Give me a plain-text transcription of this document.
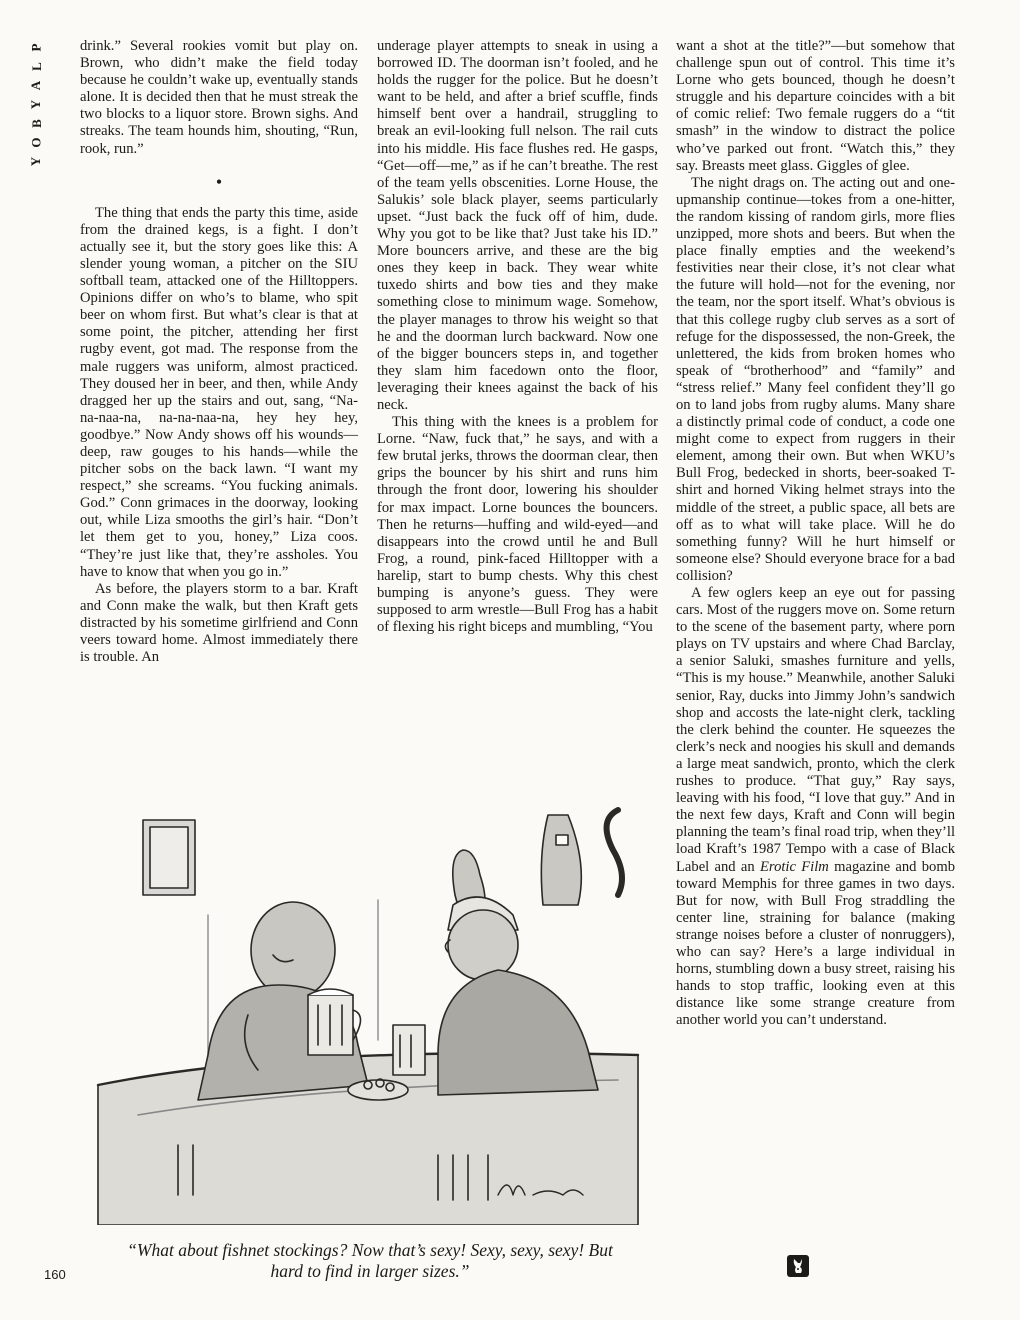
P
L
A
Y
B
O
Y

drink.” Several rookies vomit but play on. Brown, who didn’t make the field today because he couldn’t wake up, eventually stands alone. It is decided then that he must streak the two blocks to a liquor store. Brown sighs. And streaks. The team hounds him, shouting, “Run, rook, run.”

•

The thing that ends the party this time, aside from the drained kegs, is a fight. I don’t actually see it, but the story goes like this: A slender young woman, a pitcher on the SIU softball team, attacked one of the Hilltoppers. Opinions differ on who’s to blame, who spit beer on whom first. But what’s clear is that at some point, the pitcher, attending her first rugby event, got mad. The response from the male ruggers was uniform, almost practiced. They doused her in beer, and then, while Andy dragged her up the stairs and out, sang, “Na-na-naa-na, na-na-naa-na, hey hey hey, goodbye.” Now Andy shows off his wounds—deep, raw gouges to his hands—while the pitcher sobs on the back lawn. “I want my respect,” she screams. “You fucking animals. God.” Conn grimaces in the doorway, looking out, while Liza smooths the girl’s hair. “Don’t let them get to you, honey,” Liza coos. “They’re just like that, they’re assholes. You have to know that when you go in.”

As before, the players storm to a bar. Kraft and Conn make the walk, but then Kraft gets distracted by his sometime girlfriend and Conn veers toward home. Almost immediately there is trouble. An

underage player attempts to sneak in using a borrowed ID. The doorman isn’t fooled, and he holds the rugger for the police. But he doesn’t want to be held, and after a brief scuffle, finds himself bent over a handrail, struggling to break an evil-looking full nelson. The rail cuts into his middle. His face flushes red. He gasps, “Get—off—me,” as if he can’t breathe. The rest of the team yells obscenities. Lorne House, the Salukis’ sole black player, seems particularly upset. “Just back the fuck off of him, dude. Why you got to be like that? Just take his ID.” More bouncers arrive, and these are the big ones they keep in back. They wear white tuxedo shirts and bow ties and they make something close to minimum wage. Somehow, the player manages to throw his weight so that he and the doorman lurch backward. Now one of the bigger bouncers steps in, and together they slam him facedown onto the floor, leveraging their knees against the back of his neck.

This thing with the knees is a problem for Lorne. “Naw, fuck that,” he says, and with a few brutal jerks, throws the doorman clear, then grips the bouncer by his shirt and runs him through the front door, lowering his shoulder for max impact. Lorne bounces the bouncers. Then he returns—huffing and wild-eyed—and disappears into the crowd until he and Bull Frog, a round, pink-faced Hilltopper with a harelip, start to bump chests. Why this chest bumping is anyone’s guess. They were supposed to arm wrestle—Bull Frog has a habit of flexing his right biceps and mumbling, “You

want a shot at the title?”—but somehow that challenge spun out of control. This time it’s Lorne who gets bounced, though he doesn’t struggle and his departure coincides with a bit of comic relief: Two female ruggers do a “tit smash” in the window to distract the police who’ve parked out front. “Watch this,” they say. Breasts meet glass. Giggles of glee.

The night drags on. The acting out and one-upmanship continue—tokes from a one-hitter, the random kissing of random girls, more flies unzipped, more shots and beers. But when the place finally empties and the weekend’s festivities near their close, it’s not clear what the future will hold—not for the evening, nor the team, nor the sport itself. What’s obvious is that this college rugby club serves as a sort of refuge for the dispossessed, the non-Greek, the unlettered, the kids from broken homes who speak of “brotherhood” and “family” and “stress relief.” Many feel confident they’ll go on to land jobs from rugby alums. Many share a distinctly primal code of conduct, a code one might come to expect from ruggers in their element, among their own. But when WKU’s Bull Frog, bedecked in shorts, beer-soaked T-shirt and horned Viking helmet strays into the middle of the street, a public space, all bets are off as to what will take place. Will he do something funny? Will he hurt himself or someone else? Should everyone brace for a bad collision?

A few oglers keep an eye out for passing cars. Most of the ruggers move on. Some return to the scene of the basement party, where porn plays on TV upstairs and where Chad Barclay, a senior Saluki, smashes furniture and yells, “This is my house.” Meanwhile, another Saluki senior, Ray, ducks into Jimmy John’s sandwich shop and accosts the late-night clerk, tackling the clerk behind the counter. He squeezes the clerk’s neck and noogies his skull and demands a large meat sandwich, pronto, which the clerk rushes to produce. “That guy,” Ray says, leaving with his food, “I love that guy.” And in the next few days, Kraft and Conn will begin planning the team’s final road trip, when they’ll load Kraft’s 1987 Tempo with a case of Black Label and an Erotic Film magazine and bomb toward Memphis for three games in two days. But for now, with Bull Frog straddling the center line, straining for balance (making strange noises before a cluster of nonruggers), who can say? Here’s a large individual in horns, stumbling down a busy street, raising his hands to stop traffic, looking even at this distance like some strange creature from another world you can’t understand.

“What about fishnet stockings? Now that’s sexy! Sexy, sexy, sexy! But hard to find in larger sizes.”
160
